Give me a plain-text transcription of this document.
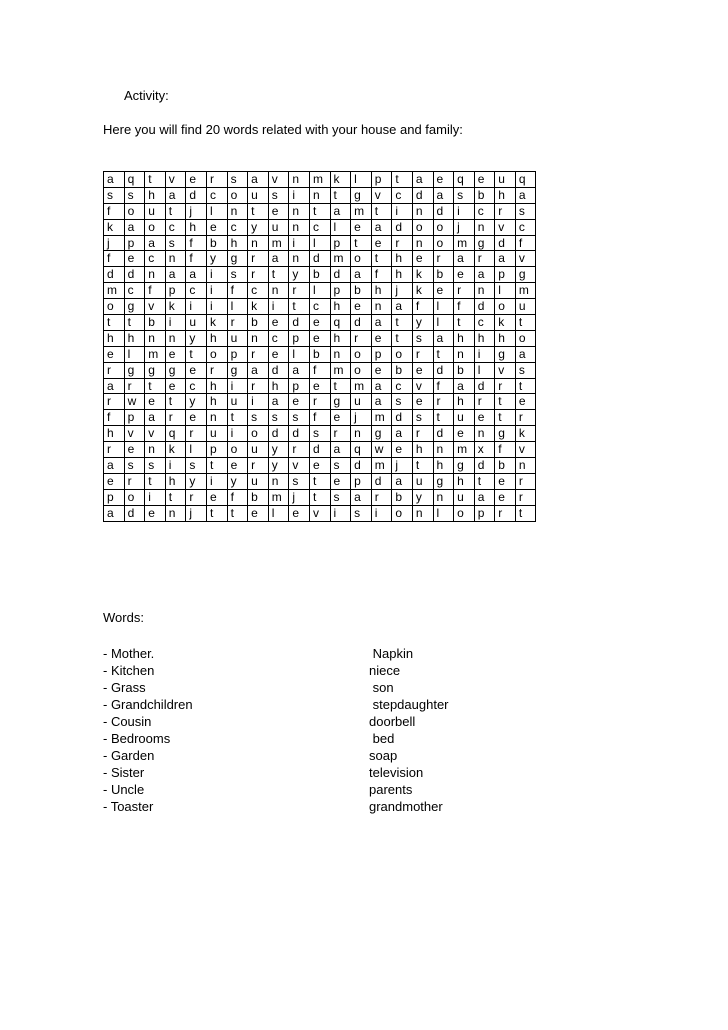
Activity:
Here you will find 20 words related with your house and family:
a	q	t	v	e	r	s	a	v	n	m	k	l	p	t	a	e	q	e	u	q
s	s	h	a	d	c	o	u	s	i	n	t	g	v	c	d	a	s	b	h	a
f	o	u	t	j	l	n	t	e	n	t	a	m	t	i	n	d	i	c	r	s
k	a	o	c	h	e	c	y	u	n	c	l	e	a	d	o	o	j	n	v	c
j	p	a	s	f	b	h	n	m	i	l	p	t	e	r	n	o	m	g	d	f
f	e	c	n	f	y	g	r	a	n	d	m	o	t	h	e	r	a	r	a	v
d	d	n	a	a	i	s	r	t	y	b	d	a	f	h	k	b	e	a	p	g
m	c	f	p	c	i	f	c	n	r	l	p	b	h	j	k	e	r	n	l	m
o	g	v	k	i	i	l	k	i	t	c	h	e	n	a	f	l	f	d	o	u
t	t	b	i	u	k	r	b	e	d	e	q	d	a	t	y	l	t	c	k	t
h	h	n	n	y	h	u	n	c	p	e	h	r	e	t	s	a	h	h	h	o
e	l	m	e	t	o	p	r	e	l	b	n	o	p	o	r	t	n	i	g	a
r	g	g	g	e	r	g	a	d	a	f	m	o	e	b	e	d	b	l	v	s
a	r	t	e	c	h	i	r	h	p	e	t	m	a	c	v	f	a	d	r	t
r	w	e	t	y	h	u	i	a	e	r	g	u	a	s	e	r	h	r	t	e
f	p	a	r	e	n	t	s	s	s	f	e	j	m	d	s	t	u	e	t	r
h	v	v	q	r	u	i	o	d	d	s	r	n	g	a	r	d	e	n	g	k
r	e	n	k	l	p	o	u	y	r	d	a	q	w	e	h	n	m	x	f	v
a	s	s	i	s	t	e	r	y	v	e	s	d	m	j	t	h	g	d	b	n
e	r	t	h	y	i	y	u	n	s	t	e	p	d	a	u	g	h	t	e	r
p	o	i	t	r	e	f	b	m	j	t	s	a	r	b	y	n	u	a	e	r
a	d	e	n	j	t	t	e	l	e	v	i	s	i	o	n	l	o	p	r	t
Words:
- Mother.
- Kitchen
- Grass
- Grandchildren
- Cousin
- Bedrooms
- Garden
- Sister
- Uncle
- Toaster
Napkin
niece
son
stepdaughter
doorbell
bed
soap
television
parents
grandmother
